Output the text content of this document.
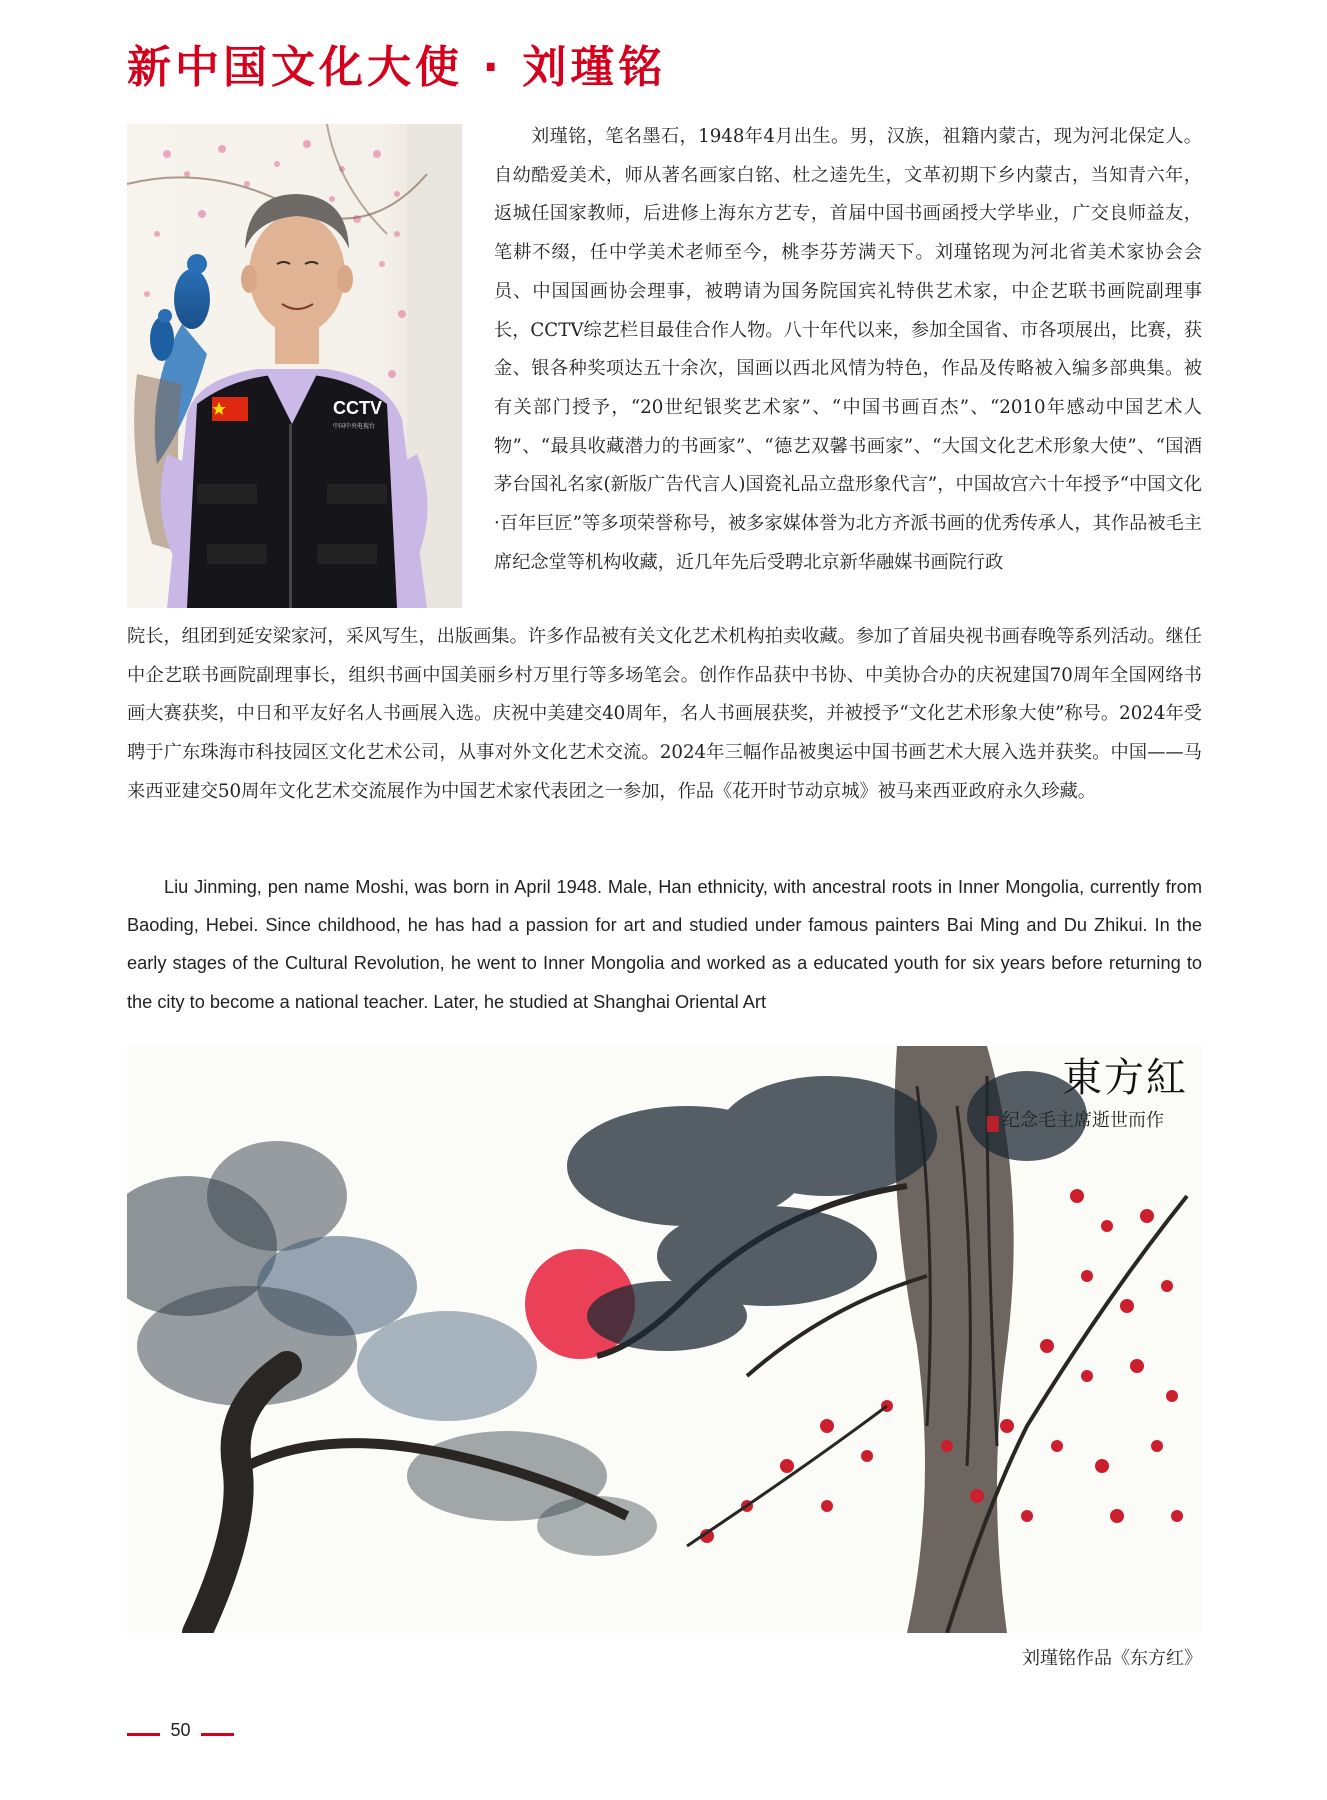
新中国文化大使 · 刘瑾铭
CCTV
中国中央电视台

刘瑾铭，笔名墨石，1948年4月出生。男，汉族，祖籍内蒙古，现为河北保定人。自幼酷爱美术，师从著名画家白铭、杜之逵先生，文革初期下乡内蒙古，当知青六年，返城任国家教师，后进修上海东方艺专，首届中国书画函授大学毕业，广交良师益友，笔耕不缀，任中学美术老师至今，桃李芬芳满天下。刘瑾铭现为河北省美术家协会会员、中国国画协会理事，被聘请为国务院国宾礼特供艺术家，中企艺联书画院副理事长，CCTV综艺栏目最佳合作人物。八十年代以来，参加全国省、市各项展出，比赛，获金、银各种奖项达五十余次，国画以西北风情为特色，作品及传略被入编多部典集。被有关部门授予，“20世纪银奖艺术家”、“中国书画百杰”、“2010年感动中国艺术人物”、“最具收藏潜力的书画家”、“德艺双馨书画家”、“大国文化艺术形象大使”、“国酒茅台国礼名家(新版广告代言人)国瓷礼品立盘形象代言”，中国故宫六十年授予“中国文化·百年巨匠”等多项荣誉称号，被多家媒体誉为北方齐派书画的优秀传承人，其作品被毛主席纪念堂等机构收藏，近几年先后受聘北京新华融媒书画院行政

院长，组团到延安梁家河，采风写生，出版画集。许多作品被有关文化艺术机构拍卖收藏。参加了首届央视书画春晚等系列活动。继任中企艺联书画院副理事长，组织书画中国美丽乡村万里行等多场笔会。创作作品获中书协、中美协合办的庆祝建国70周年全国网络书画大赛获奖，中日和平友好名人书画展入选。庆祝中美建交40周年，名人书画展获奖，并被授予“文化艺术形象大使”称号。2024年受聘于广东珠海市科技园区文化艺术公司，从事对外文化艺术交流。2024年三幅作品被奥运中国书画艺术大展入选并获奖。中国——马来西亚建交50周年文化艺术交流展作为中国艺术家代表团之一参加，作品《花开时节动京城》被马来西亚政府永久珍藏。

Liu Jinming, pen name Moshi, was born in April 1948. Male, Han ethnicity, with ancestral roots in Inner Mongolia, currently from Baoding, Hebei. Since childhood, he has had a passion for art and studied under famous painters Bai Ming and Du Zhikui. In the early stages of the Cultural Revolution, he went to Inner Mongolia and worked as a educated youth for six years before returning to the city to become a national teacher. Later, he studied at Shanghai Oriental Art

東方紅
纪念毛主席逝世而作
刘瑾铭作品《东方红》
50
